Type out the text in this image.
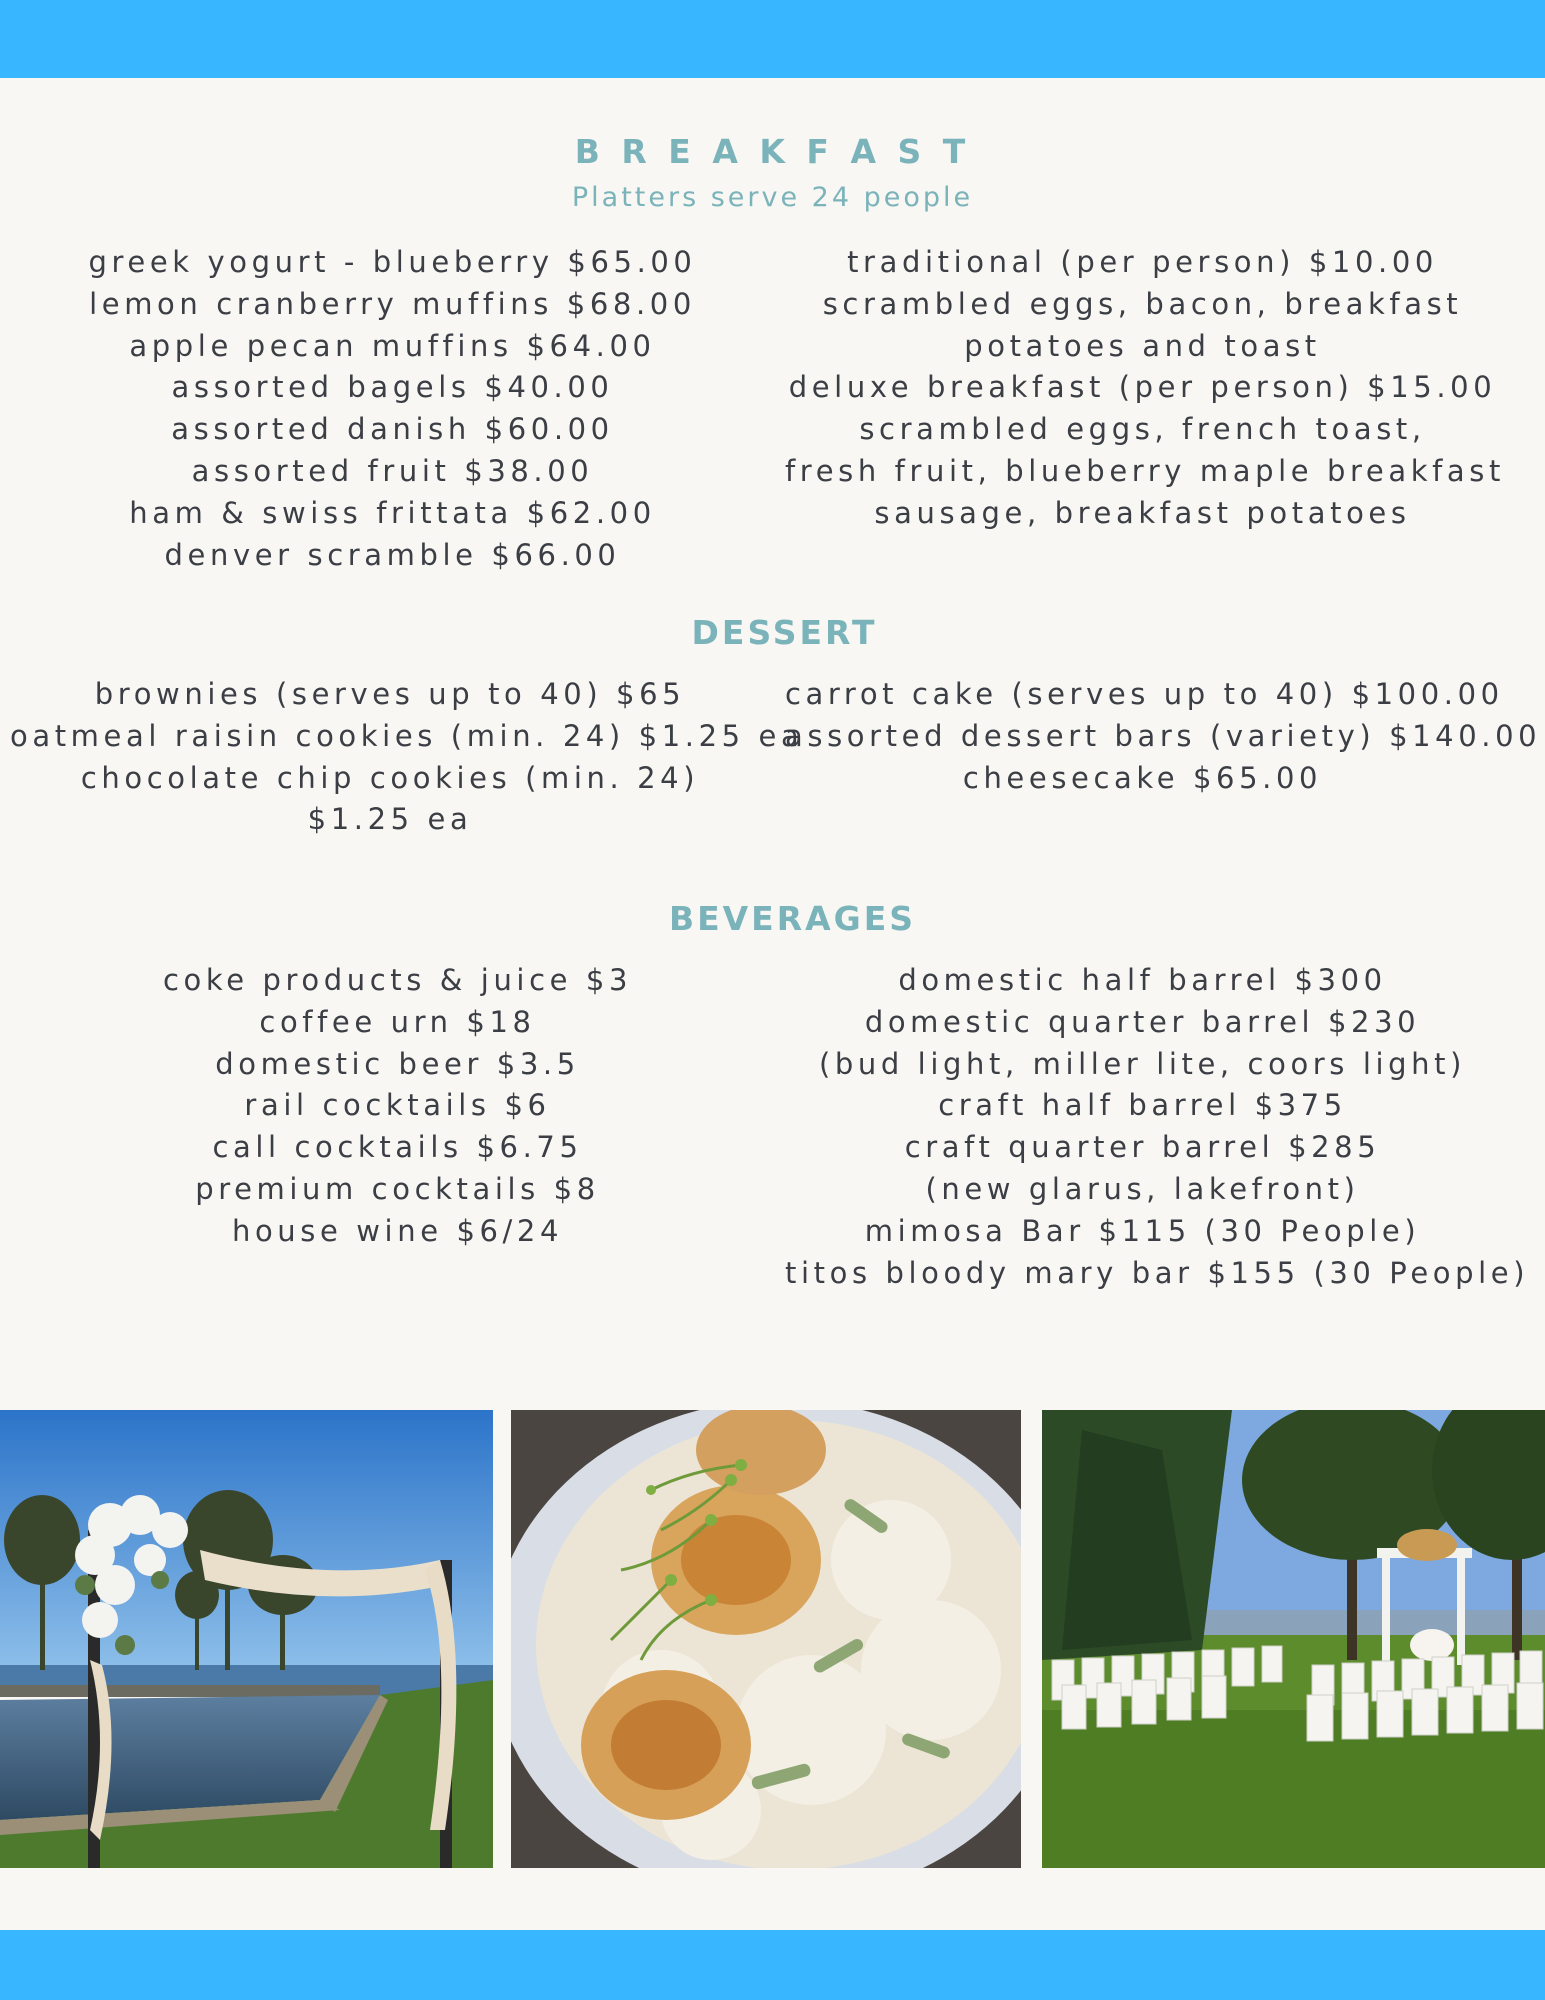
B R E A K F A S T
Platters serve 24 people
greek yogurt - blueberry $65.00
lemon cranberry muffins $68.00
apple pecan muffins $64.00
assorted bagels $40.00
assorted danish $60.00
assorted fruit $38.00
ham & swiss frittata $62.00
denver scramble $66.00
traditional (per person) $10.00
scrambled eggs, bacon, breakfast
potatoes and toast
deluxe breakfast (per person) $15.00
scrambled eggs, french toast,
fresh fruit, blueberry maple breakfast
sausage, breakfast potatoes
DESSERT
brownies (serves up to 40) $65
oatmeal raisin cookies (min. 24) $1.25 ea
chocolate chip cookies (min. 24) $1.25 ea
carrot cake (serves up to 40) $100.00
assorted dessert bars (variety) $140.00
cheesecake $65.00
BEVERAGES
coke products & juice $3
coffee urn $18
domestic beer $3.5
rail cocktails $6
call cocktails $6.75
premium cocktails $8
house wine $6/24
domestic half barrel $300
domestic quarter barrel $230
(bud light, miller lite, coors light)
craft half barrel $375
craft quarter barrel $285
(new glarus, lakefront)
mimosa Bar $115 (30 People)
titos bloody mary bar $155 (30 People)
